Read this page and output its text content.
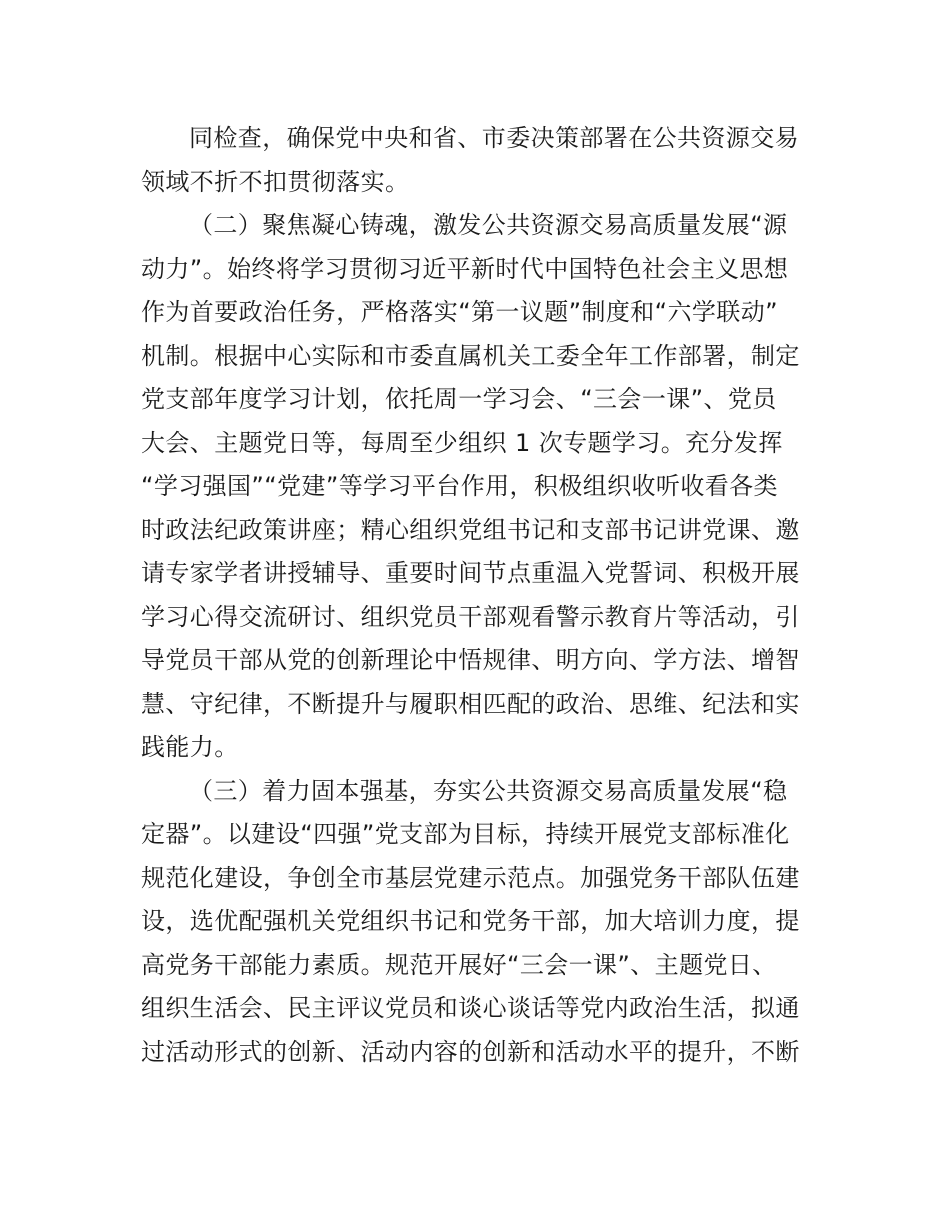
同检查，确保党中央和省、市委决策部署在公共资源交易
领域不折不扣贯彻落实。
（二）聚焦凝心铸魂，激发公共资源交易高质量发展“源
动力”。始终将学习贯彻习近平新时代中国特色社会主义思想
作为首要政治任务，严格落实“第一议题”制度和“六学联动”
机制。根据中心实际和市委直属机关工委全年工作部署，制定
党支部年度学习计划，依托周一学习会、“三会一课”、党员
大会、主题党日等，每周至少组织 1 次专题学习。充分发挥
“学习强国”“党建”等学习平台作用，积极组织收听收看各类
时政法纪政策讲座；精心组织党组书记和支部书记讲党课、邀
请专家学者讲授辅导、重要时间节点重温入党誓词、积极开展
学习心得交流研讨、组织党员干部观看警示教育片等活动，引
导党员干部从党的创新理论中悟规律、明方向、学方法、增智
慧、守纪律，不断提升与履职相匹配的政治、思维、纪法和实
践能力。
（三）着力固本强基，夯实公共资源交易高质量发展“稳
定器”。以建设“四强”党支部为目标，持续开展党支部标准化
规范化建设，争创全市基层党建示范点。加强党务干部队伍建
设，选优配强机关党组织书记和党务干部，加大培训力度，提
高党务干部能力素质。规范开展好“三会一课”、主题党日、
组织生活会、民主评议党员和谈心谈话等党内政治生活，拟通
过活动形式的创新、活动内容的创新和活动水平的提升，不断
